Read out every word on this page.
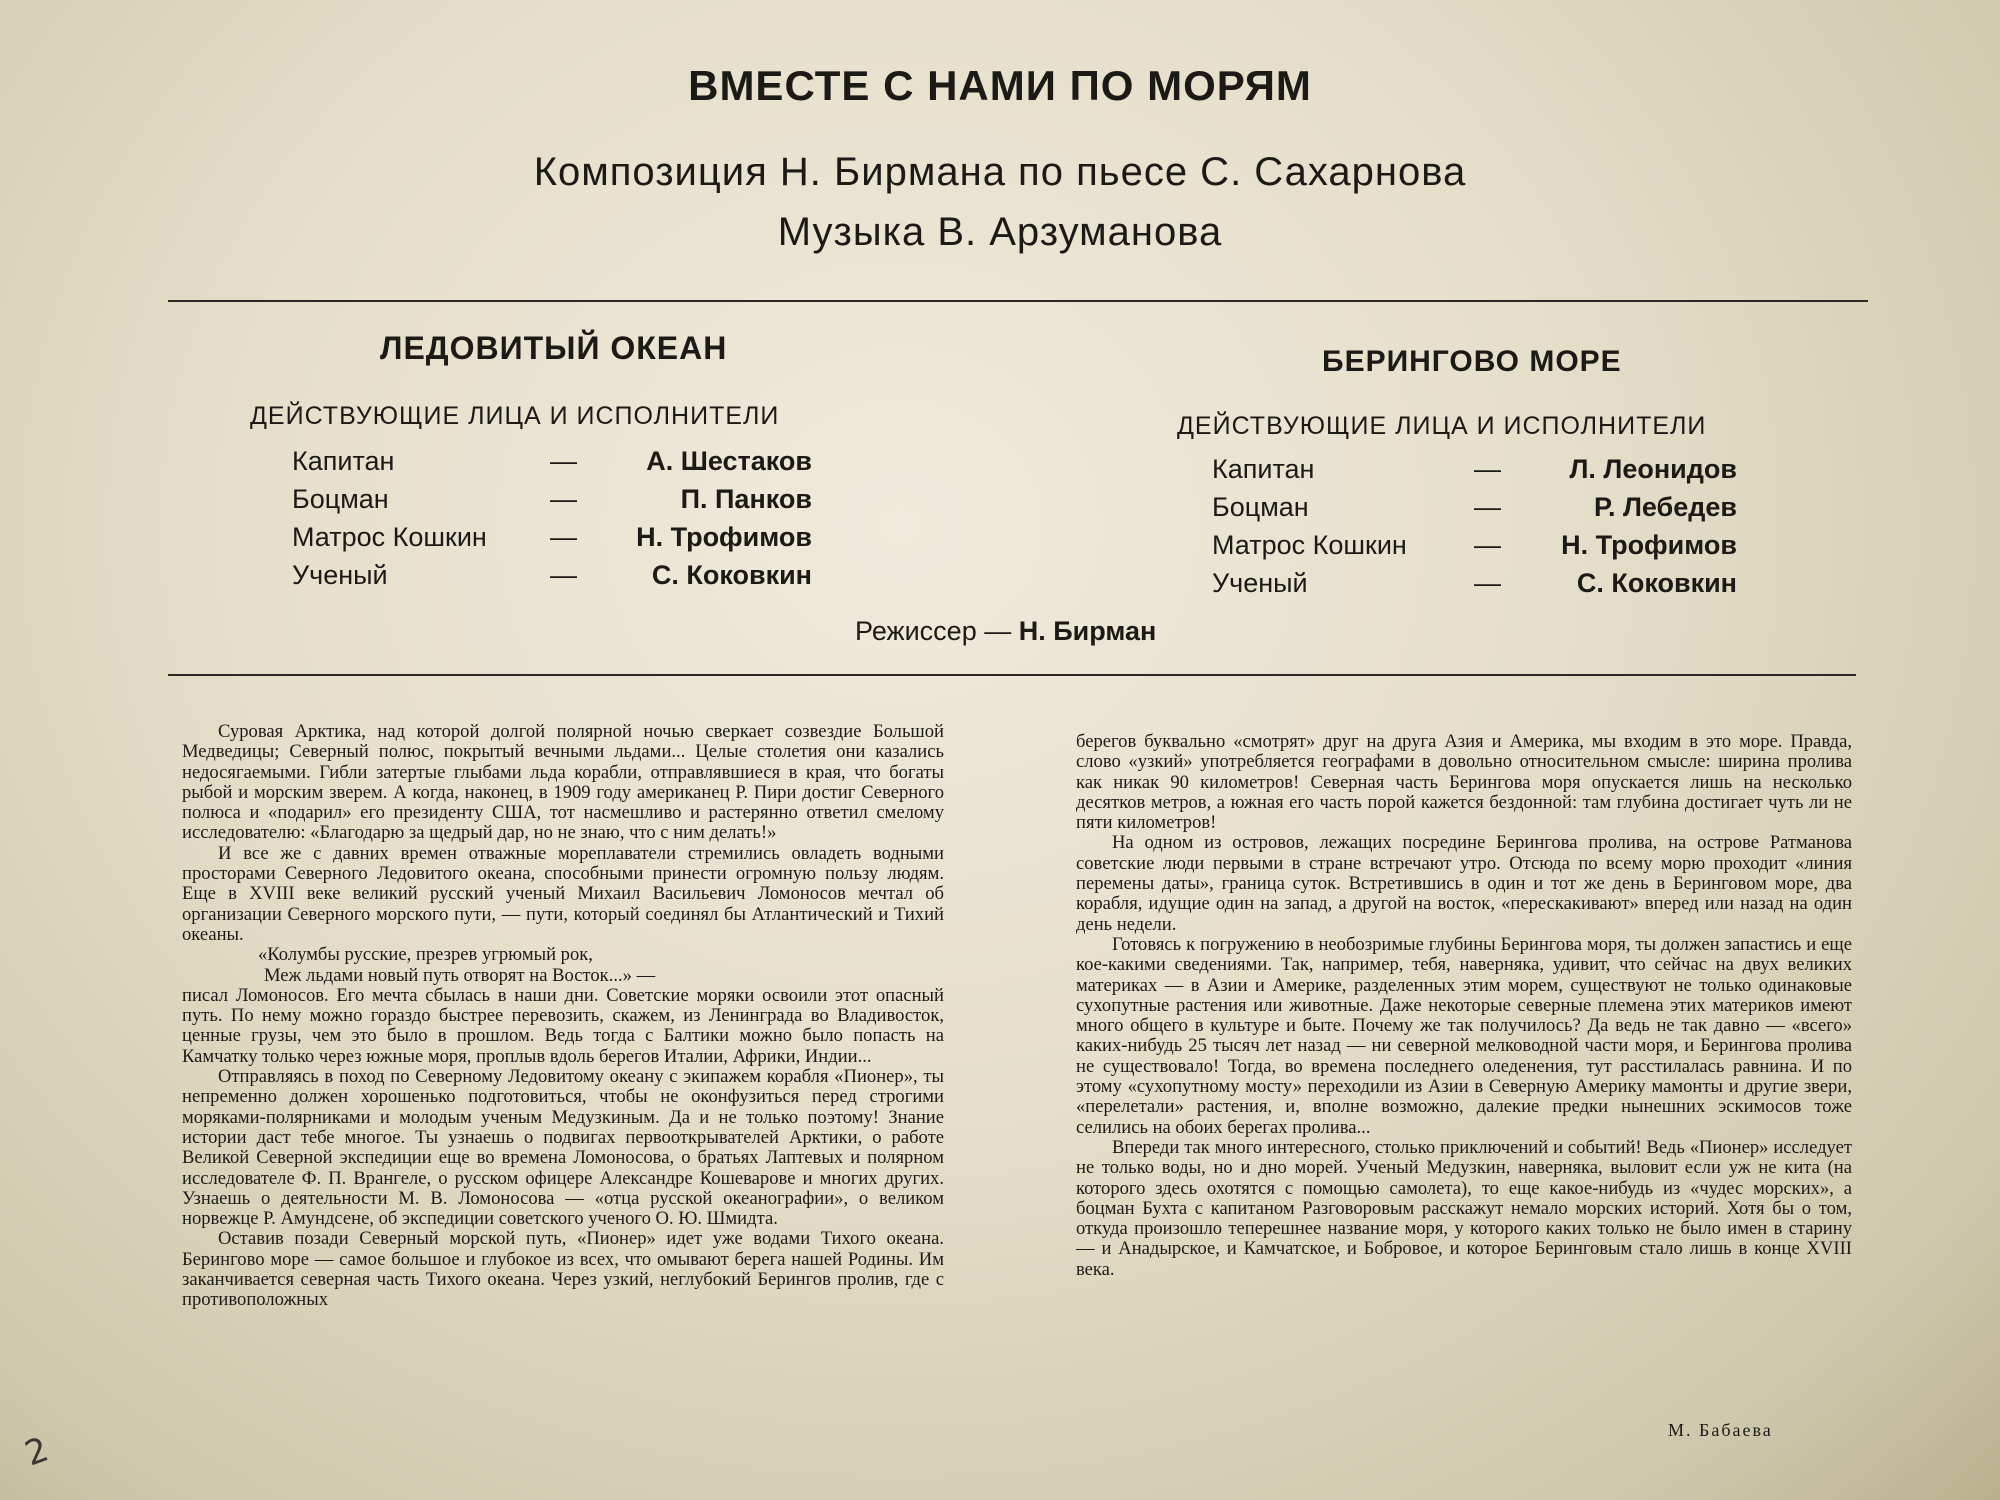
ВМЕСТЕ С НАМИ ПО МОРЯМ
Композиция Н. Бирмана по пьесе С. Сахарнова
Музыка В. Арзуманова
ЛЕДОВИТЫЙ ОКЕАН
ДЕЙСТВУЮЩИЕ ЛИЦА И ИСПОЛНИТЕЛИ
Капитан	—	А. Шестаков
Боцман	—	П. Панков
Матрос Кошкин —	Н. Трофимов
Ученый	—	С. Коковкин
БЕРИНГОВО МОРЕ
ДЕЙСТВУЮЩИЕ ЛИЦА И ИСПОЛНИТЕЛИ
Капитан	—	Л. Леонидов
Боцман	—	Р. Лебедев
Матрос Кошкин —	Н. Трофимов
Ученый	—	С. Коковкин
Режиссер — Н. Бирман

Суровая Арктика, над которой долгой полярной ночью сверкает созвездие Большой Медведицы; Северный полюс, покрытый вечными льдами... Целые столетия они казались недосягаемыми. Гибли затертые глыбами льда корабли, отправлявшиеся в края, что богаты рыбой и морским зверем. А когда, наконец, в 1909 году американец Р. Пири достиг Северного полюса и «подарил» его президенту США, тот насмешливо и растерянно ответил смелому исследователю: «Благодарю за щедрый дар, но не знаю, что с ним делать!»

И все же с давних времен отважные мореплаватели стремились овладеть водными просторами Северного Ледовитого океана, способными принести огромную пользу людям. Еще в XVIII веке великий русский ученый Михаил Васильевич Ломоносов мечтал об организации Северного морского пути, — пути, который соединял бы Атлантический и Тихий океаны.

«Колумбы русские, презрев угрюмый рок,

Меж льдами новый путь отворят на Восток...» —

писал Ломоносов. Его мечта сбылась в наши дни. Советские моряки освоили этот опасный путь. По нему можно гораздо быстрее перевозить, скажем, из Ленинграда во Владивосток, ценные грузы, чем это было в прошлом. Ведь тогда с Балтики можно было попасть на Камчатку только через южные моря, проплыв вдоль берегов Италии, Африки, Индии...

Отправляясь в поход по Северному Ледовитому океану с экипажем корабля «Пионер», ты непременно должен хорошенько подготовиться, чтобы не оконфузиться перед строгими моряками-полярниками и молодым ученым Медузкиным. Да и не только поэтому! Знание истории даст тебе многое. Ты узнаешь о подвигах первооткрывателей Арктики, о работе Великой Северной экспедиции еще во времена Ломоносова, о братьях Лаптевых и полярном исследователе Ф. П. Врангеле, о русском офицере Александре Кошеваровe и многих других. Узнаешь о деятельности М. В. Ломоносова — «отца русской океанографии», о великом норвежце Р. Амундсене, об экспедиции советского ученого О. Ю. Шмидта.

Оставив позади Северный морской путь, «Пионер» идет уже водами Тихого океана. Берингово море — самое большое и глубокое из всех, что омывают берега нашей Родины. Им заканчивается северная часть Тихого океана. Через узкий, неглубокий Берингов пролив, где с противоположных

берегов буквально «смотрят» друг на друга Азия и Америка, мы входим в это море. Правда, слово «узкий» употребляется географами в довольно относительном смысле: ширина пролива как никак 90 километров! Северная часть Берингова моря опускается лишь на несколько десятков метров, а южная его часть порой кажется бездонной: там глубина достигает чуть ли не пяти километров!

На одном из островов, лежащих посредине Берингова пролива, на острове Ратманова советские люди первыми в стране встречают утро. Отсюда по всему морю проходит «линия перемены даты», граница суток. Встретившись в один и тот же день в Беринговом море, два корабля, идущие один на запад, а другой на восток, «перескакивают» вперед или назад на один день недели.

Готовясь к погружению в необозримые глубины Берингова моря, ты должен запастись и еще кое-какими сведениями. Так, например, тебя, наверняка, удивит, что сейчас на двух великих материках — в Азии и Америке, разделенных этим морем, существуют не только одинаковые сухопутные растения или животные. Даже некоторые северные племена этих материков имеют много общего в культуре и быте. Почему же так получилось? Да ведь не так давно — «всего» каких-нибудь 25 тысяч лет назад — ни северной мелководной части моря, и Берингова пролива не существовало! Тогда, во времена последнего оледенения, тут расстилалась равнина. И по этому «сухопутному мосту» переходили из Азии в Северную Америку мамонты и другие звери, «перелетали» растения, и, вполне возможно, далекие предки нынешних эскимосов тоже селились на обоих берегах пролива...

Впереди так много интересного, столько приключений и событий! Ведь «Пионер» исследует не только воды, но и дно морей. Ученый Медузкин, наверняка, выловит если уж не кита (на которого здесь охотятся с помощью самолета), то еще какое-нибудь из «чудес морских», а боцман Бухта с капитаном Разговоровым расскажут немало морских историй. Хотя бы о том, откуда произошло теперешнее название моря, у которого каких только не было имен в старину — и Анадырское, и Камчатское, и Бобровое, и которое Беринговым стало лишь в конце XVIII века.

М. Бабаева
2
